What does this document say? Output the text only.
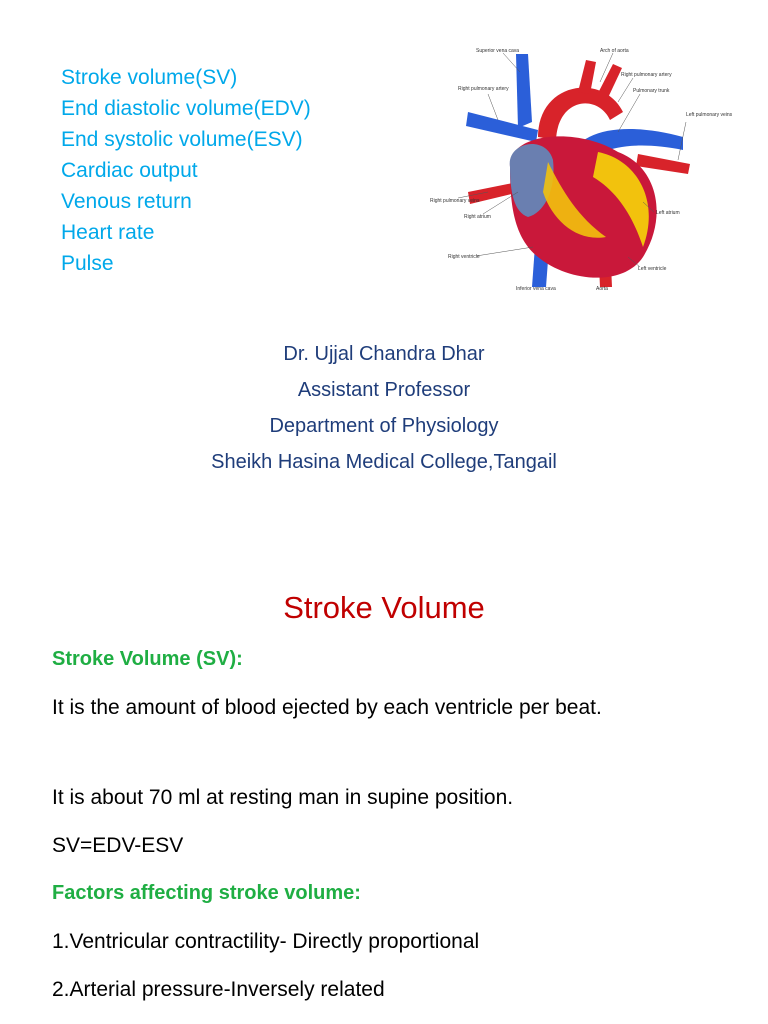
Stroke volume(SV)
End diastolic volume(EDV)
End systolic volume(ESV)
Cardiac output
Venous return
Heart rate
Pulse
Superior vena cava	Arch of aorta
Right pulmonary artery
Right pulmonary artery
Pulmonary trunk
Left pulmonary veins
Right pulmonary veins
Right atrium
Left atrium
Right ventricle
Left ventricle
Inferior vena cava	Aorta
Dr. Ujjal Chandra Dhar
Assistant Professor
Department of Physiology
Sheikh Hasina Medical College,Tangail
Stroke Volume
Stroke Volume (SV):
It is the amount of blood ejected by each ventricle per beat.
It is about 70 ml at resting man in supine position.
SV=EDV-ESV
Factors affecting stroke volume:
1.Ventricular contractility- Directly proportional
2.Arterial pressure-Inversely related
